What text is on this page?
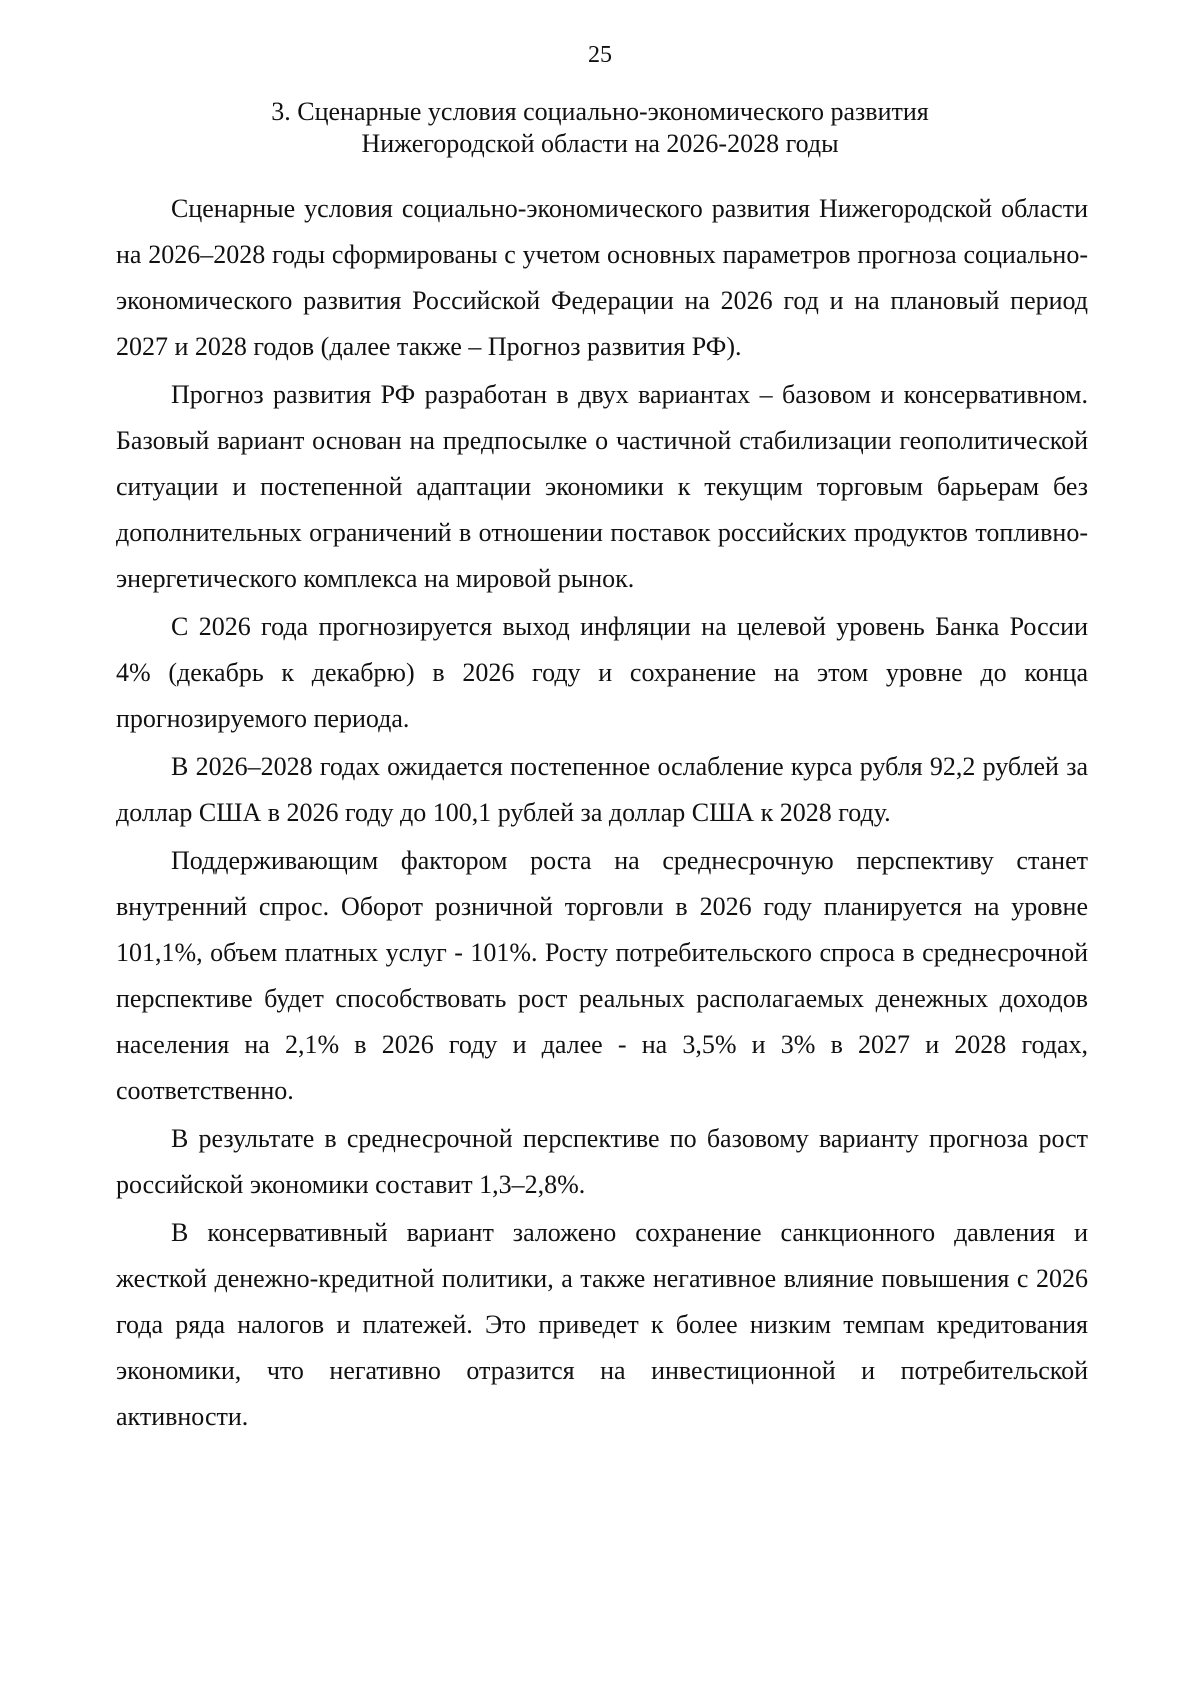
25
3. Сценарные условия социально-экономического развития
Нижегородской области на 2026-2028 годы

Сценарные условия социально-экономического развития Нижегородской области на 2026–2028 годы сформированы с учетом основных параметров прогноза социально-экономического развития Российской Федерации на 2026 год и на плановый период 2027 и 2028 годов (далее также – Прогноз развития РФ).

Прогноз развития РФ разработан в двух вариантах – базовом и консервативном. Базовый вариант основан на предпосылке о частичной стабилизации геополитической ситуации и постепенной адаптации экономики к текущим торговым барьерам без дополнительных ограничений в отношении поставок российских продуктов топливно-энергетического комплекса на мировой рынок.

С 2026 года прогнозируется выход инфляции на целевой уровень Банка России 4% (декабрь к декабрю) в 2026 году и сохранение на этом уровне до конца прогнозируемого периода.

В 2026–2028 годах ожидается постепенное ослабление курса рубля 92,2 рублей за доллар США в 2026 году до 100,1 рублей за доллар США к 2028 году.

Поддерживающим фактором роста на среднесрочную перспективу станет внутренний спрос. Оборот розничной торговли в 2026 году планируется на уровне 101,1%, объем платных услуг - 101%. Росту потребительского спроса в среднесрочной перспективе будет способствовать рост реальных располагаемых денежных доходов населения на 2,1% в 2026 году и далее - на 3,5% и 3% в 2027 и 2028 годах, соответственно.

В результате в среднесрочной перспективе по базовому варианту прогноза рост российской экономики составит 1,3–2,8%.

В консервативный вариант заложено сохранение санкционного давления и жесткой денежно-кредитной политики, а также негативное влияние повышения с 2026 года ряда налогов и платежей. Это приведет к более низким темпам кредитования экономики, что негативно отразится на инвестиционной и потребительской активности.
